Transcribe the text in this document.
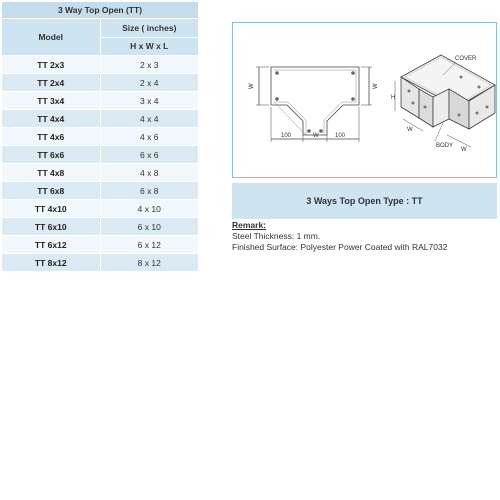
3 Way Top Open (TT)	
Model	Size ( inches)
	H x W x L
TT 2x3	2 x 3
TT 2x4	2 x 4
TT 3x4	3 x 4
TT 4x4	4 x 4
TT 4x6	4 x 6
TT 6x6	6 x 6
TT 4x8	4 x 8
TT 6x8	6 x 8
TT 4x10	4 x 10
TT 6x10	6 x 10
TT 6x12	6 x 12
TT 8x12	8 x 12
W	W
100	W	100
COVER
BODY
H
W
W
3 Ways Top Open Type : TT
Remark:
Steel Thickness: 1 mm.
Finished Surface: Polyester Power Coated with RAL7032
